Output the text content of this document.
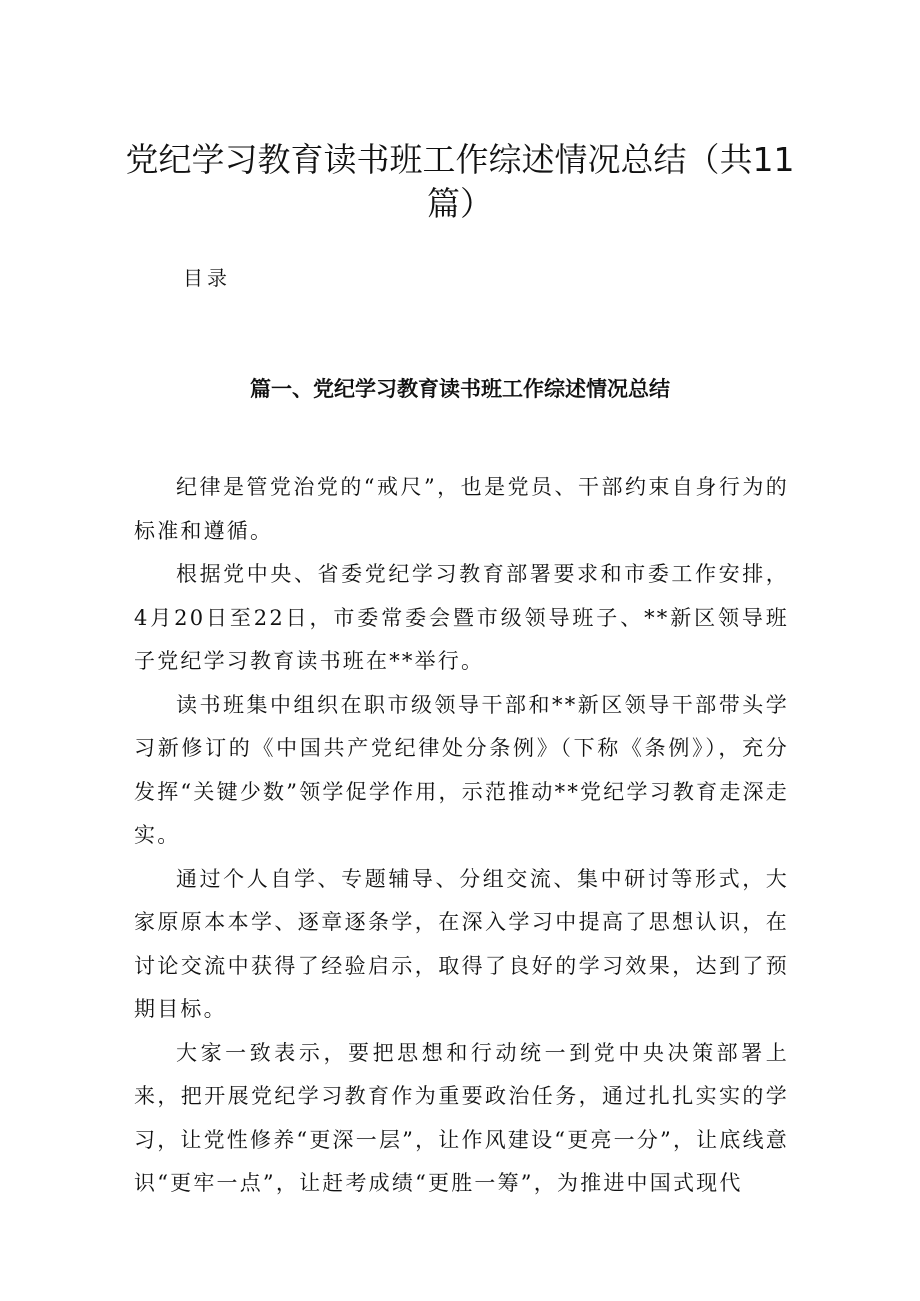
党纪学习教育读书班工作综述情况总结（共11篇）
目录
篇一、党纪学习教育读书班工作综述情况总结

纪律是管党治党的“戒尺”，也是党员、干部约束自身行为的标准和遵循。

根据党中央、省委党纪学习教育部署要求和市委工作安排，4月20日至22日，市委常委会暨市级领导班子、**新区领导班子党纪学习教育读书班在**举行。

读书班集中组织在职市级领导干部和**新区领导干部带头学习新修订的《中国共产党纪律处分条例》（下称《条例》），充分发挥“关键少数”领学促学作用，示范推动**党纪学习教育走深走实。

通过个人自学、专题辅导、分组交流、集中研讨等形式，大家原原本本学、逐章逐条学，在深入学习中提高了思想认识，在讨论交流中获得了经验启示，取得了良好的学习效果，达到了预期目标。

大家一致表示，要把思想和行动统一到党中央决策部署上来，把开展党纪学习教育作为重要政治任务，通过扎扎实实的学习，让党性修养“更深一层”，让作风建设“更亮一分”，让底线意识“更牢一点”，让赶考成绩“更胜一筹”，为推进中国式现代
